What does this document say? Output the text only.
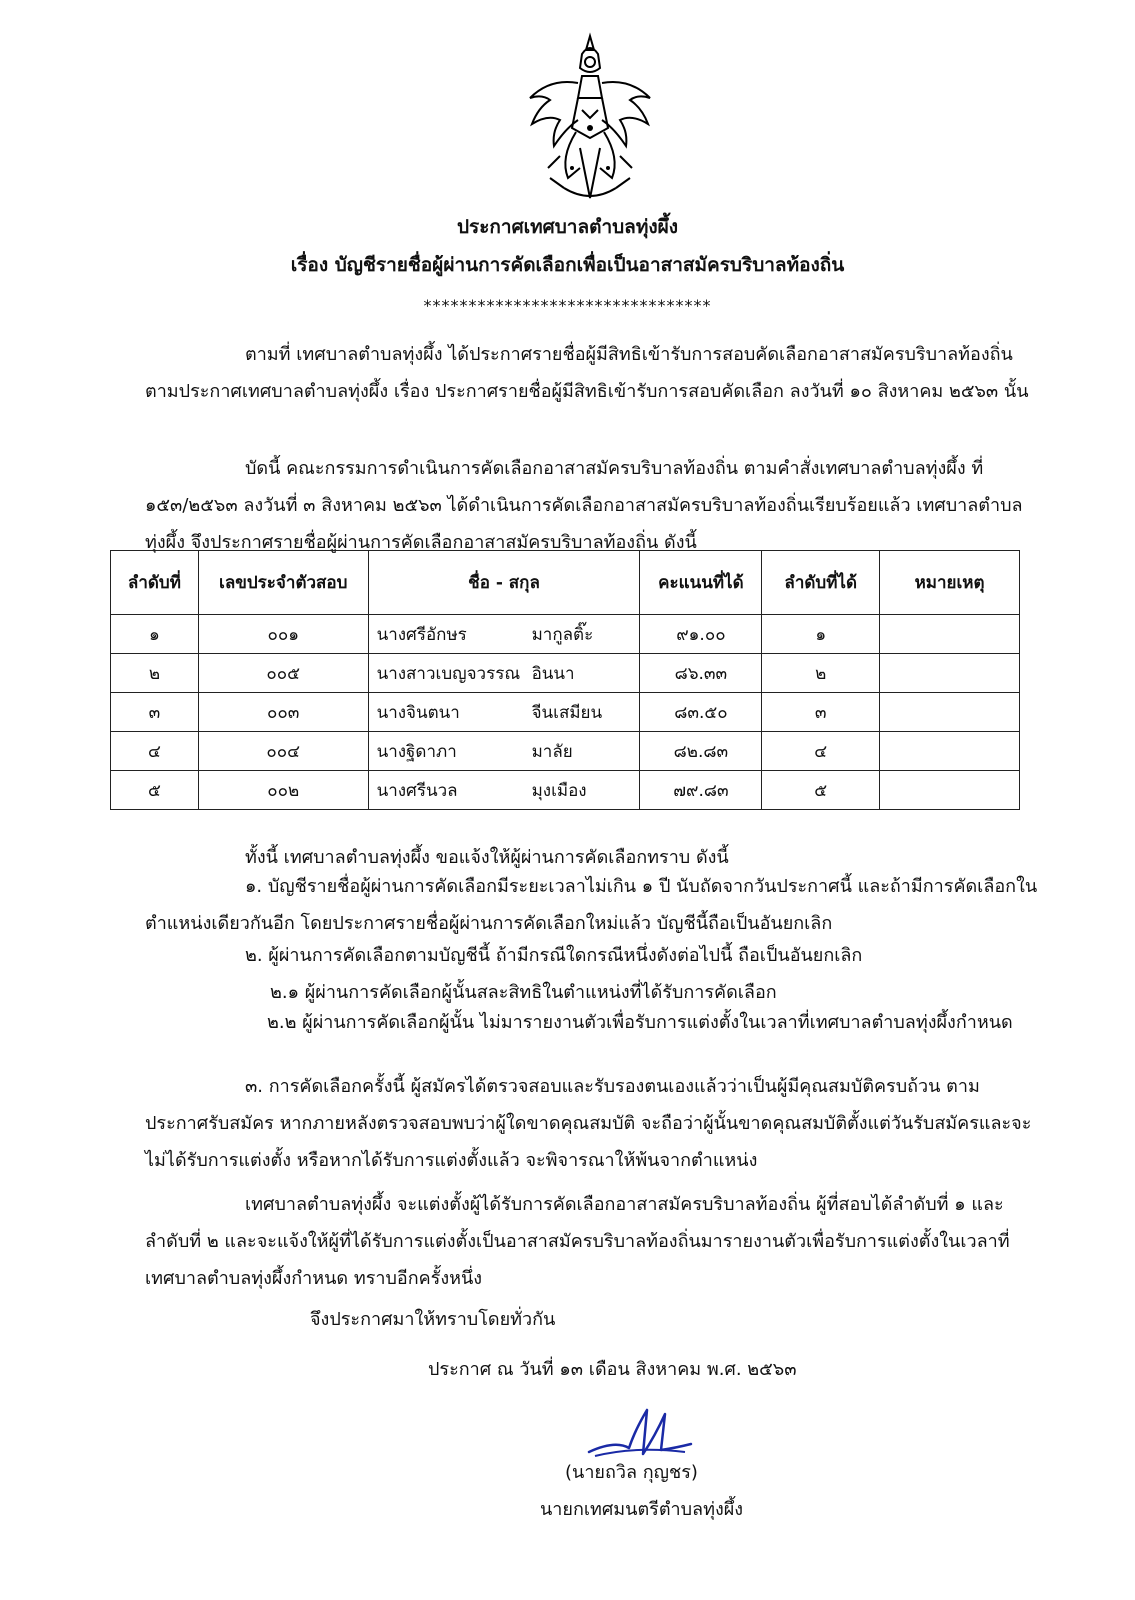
ประกาศเทศบาลตำบลทุ่งผึ้ง
เรื่อง บัญชีรายชื่อผู้ผ่านการคัดเลือกเพื่อเป็นอาสาสมัครบริบาลท้องถิ่น
********************************
ตามที่ เทศบาลตำบลทุ่งผึ้ง ได้ประกาศรายชื่อผู้มีสิทธิเข้ารับการสอบคัดเลือกอาสาสมัครบริบาลท้องถิ่น ตามประกาศเทศบาลตำบลทุ่งผึ้ง เรื่อง ประกาศรายชื่อผู้มีสิทธิเข้ารับการสอบคัดเลือก ลงวันที่ ๑๐ สิงหาคม ๒๕๖๓ นั้น
บัดนี้ คณะกรรมการดำเนินการคัดเลือกอาสาสมัครบริบาลท้องถิ่น ตามคำสั่งเทศบาลตำบลทุ่งผึ้ง ที่ ๑๕๓/๒๕๖๓ ลงวันที่ ๓ สิงหาคม ๒๕๖๓ ได้ดำเนินการคัดเลือกอาสาสมัครบริบาลท้องถิ่นเรียบร้อยแล้ว เทศบาลตำบลทุ่งผึ้ง จึงประกาศรายชื่อผู้ผ่านการคัดเลือกอาสาสมัครบริบาลท้องถิ่น ดังนี้
ลำดับที่	เลขประจำตัวสอบ	ชื่อ - สกุล	คะแนนที่ได้	ลำดับที่ได้	หมายเหตุ
๑	๐๐๑	นางศรีอักษร มากูลติ๊ะ	๙๑.๐๐	๑	
๒	๐๐๕	นางสาวเบญจวรรณ อินนา	๘๖.๓๓	๒	
๓	๐๐๓	นางจินตนา จีนเสมียน	๘๓.๕๐	๓	
๔	๐๐๔	นางฐิดาภา มาลัย	๘๒.๘๓	๔	
๕	๐๐๒	นางศรีนวล มุงเมือง	๗๙.๘๓	๕	
ทั้งนี้ เทศบาลตำบลทุ่งผึ้ง ขอแจ้งให้ผู้ผ่านการคัดเลือกทราบ ดังนี้
๑. บัญชีรายชื่อผู้ผ่านการคัดเลือกมีระยะเวลาไม่เกิน ๑ ปี นับถัดจากวันประกาศนี้ และถ้ามีการคัดเลือกในตำแหน่งเดียวกันอีก โดยประกาศรายชื่อผู้ผ่านการคัดเลือกใหม่แล้ว บัญชีนี้ถือเป็นอันยกเลิก
๒. ผู้ผ่านการคัดเลือกตามบัญชีนี้ ถ้ามีกรณีใดกรณีหนึ่งดังต่อไปนี้ ถือเป็นอันยกเลิก
๒.๑ ผู้ผ่านการคัดเลือกผู้นั้นสละสิทธิในตำแหน่งที่ได้รับการคัดเลือก
๒.๒ ผู้ผ่านการคัดเลือกผู้นั้น ไม่มารายงานตัวเพื่อรับการแต่งตั้งในเวลาที่เทศบาลตำบลทุ่งผึ้งกำหนด
๓. การคัดเลือกครั้งนี้ ผู้สมัครได้ตรวจสอบและรับรองตนเองแล้วว่าเป็นผู้มีคุณสมบัติครบถ้วน ตามประกาศรับสมัคร หากภายหลังตรวจสอบพบว่าผู้ใดขาดคุณสมบัติ จะถือว่าผู้นั้นขาดคุณสมบัติตั้งแต่วันรับสมัครและจะไม่ได้รับการแต่งตั้ง หรือหากได้รับการแต่งตั้งแล้ว จะพิจารณาให้พ้นจากตำแหน่ง
เทศบาลตำบลทุ่งผึ้ง จะแต่งตั้งผู้ได้รับการคัดเลือกอาสาสมัครบริบาลท้องถิ่น ผู้ที่สอบได้ลำดับที่ ๑ และลำดับที่ ๒ และจะแจ้งให้ผู้ที่ได้รับการแต่งตั้งเป็นอาสาสมัครบริบาลท้องถิ่นมารายงานตัวเพื่อรับการแต่งตั้งในเวลาที่เทศบาลตำบลทุ่งผึ้งกำหนด ทราบอีกครั้งหนึ่ง
จึงประกาศมาให้ทราบโดยทั่วกัน
ประกาศ ณ วันที่ ๑๓ เดือน สิงหาคม พ.ศ. ๒๕๖๓
(นายถวิล กุญชร)
นายกเทศมนตรีตำบลทุ่งผึ้ง
